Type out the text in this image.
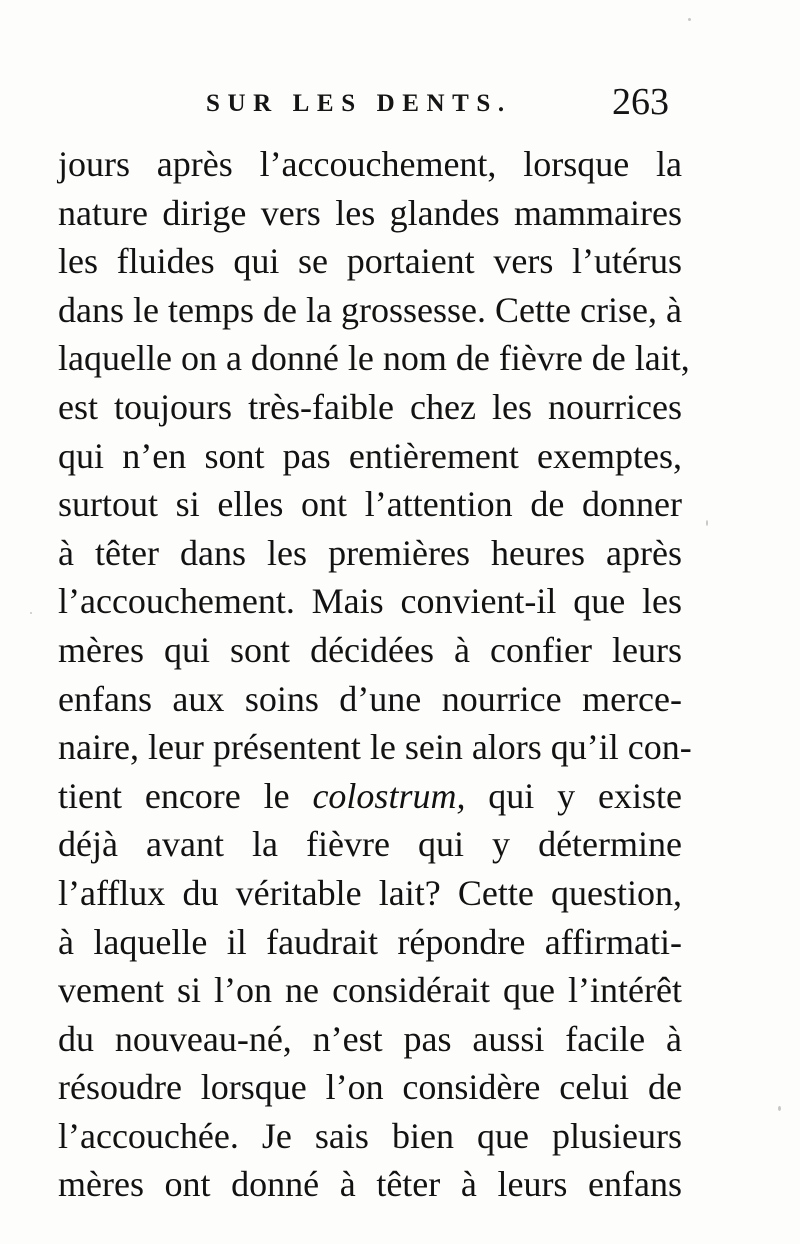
SUR LES DENTS.	263
jours après l’accouchement, lorsque la
nature dirige vers les glandes mammaires
les fluides qui se portaient vers l’utérus
dans le temps de la grossesse. Cette crise, à
laquelle on a donné le nom de fièvre de lait,
est toujours très-faible chez les nourrices
qui n’en sont pas entièrement exemptes,
surtout si elles ont l’attention de donner
à têter dans les premières heures après
l’accouchement. Mais convient-il que les
mères qui sont décidées à confier leurs
enfans aux soins d’une nourrice merce-
naire, leur présentent le sein alors qu’il con-
tient encore le colostrum, qui y existe
déjà avant la fièvre qui y détermine
l’afflux du véritable lait? Cette question,
à laquelle il faudrait répondre affirmati-
vement si l’on ne considérait que l’intérêt
du nouveau-né, n’est pas aussi facile à
résoudre lorsque l’on considère celui de
l’accouchée. Je sais bien que plusieurs
mères ont donné à têter à leurs enfans
